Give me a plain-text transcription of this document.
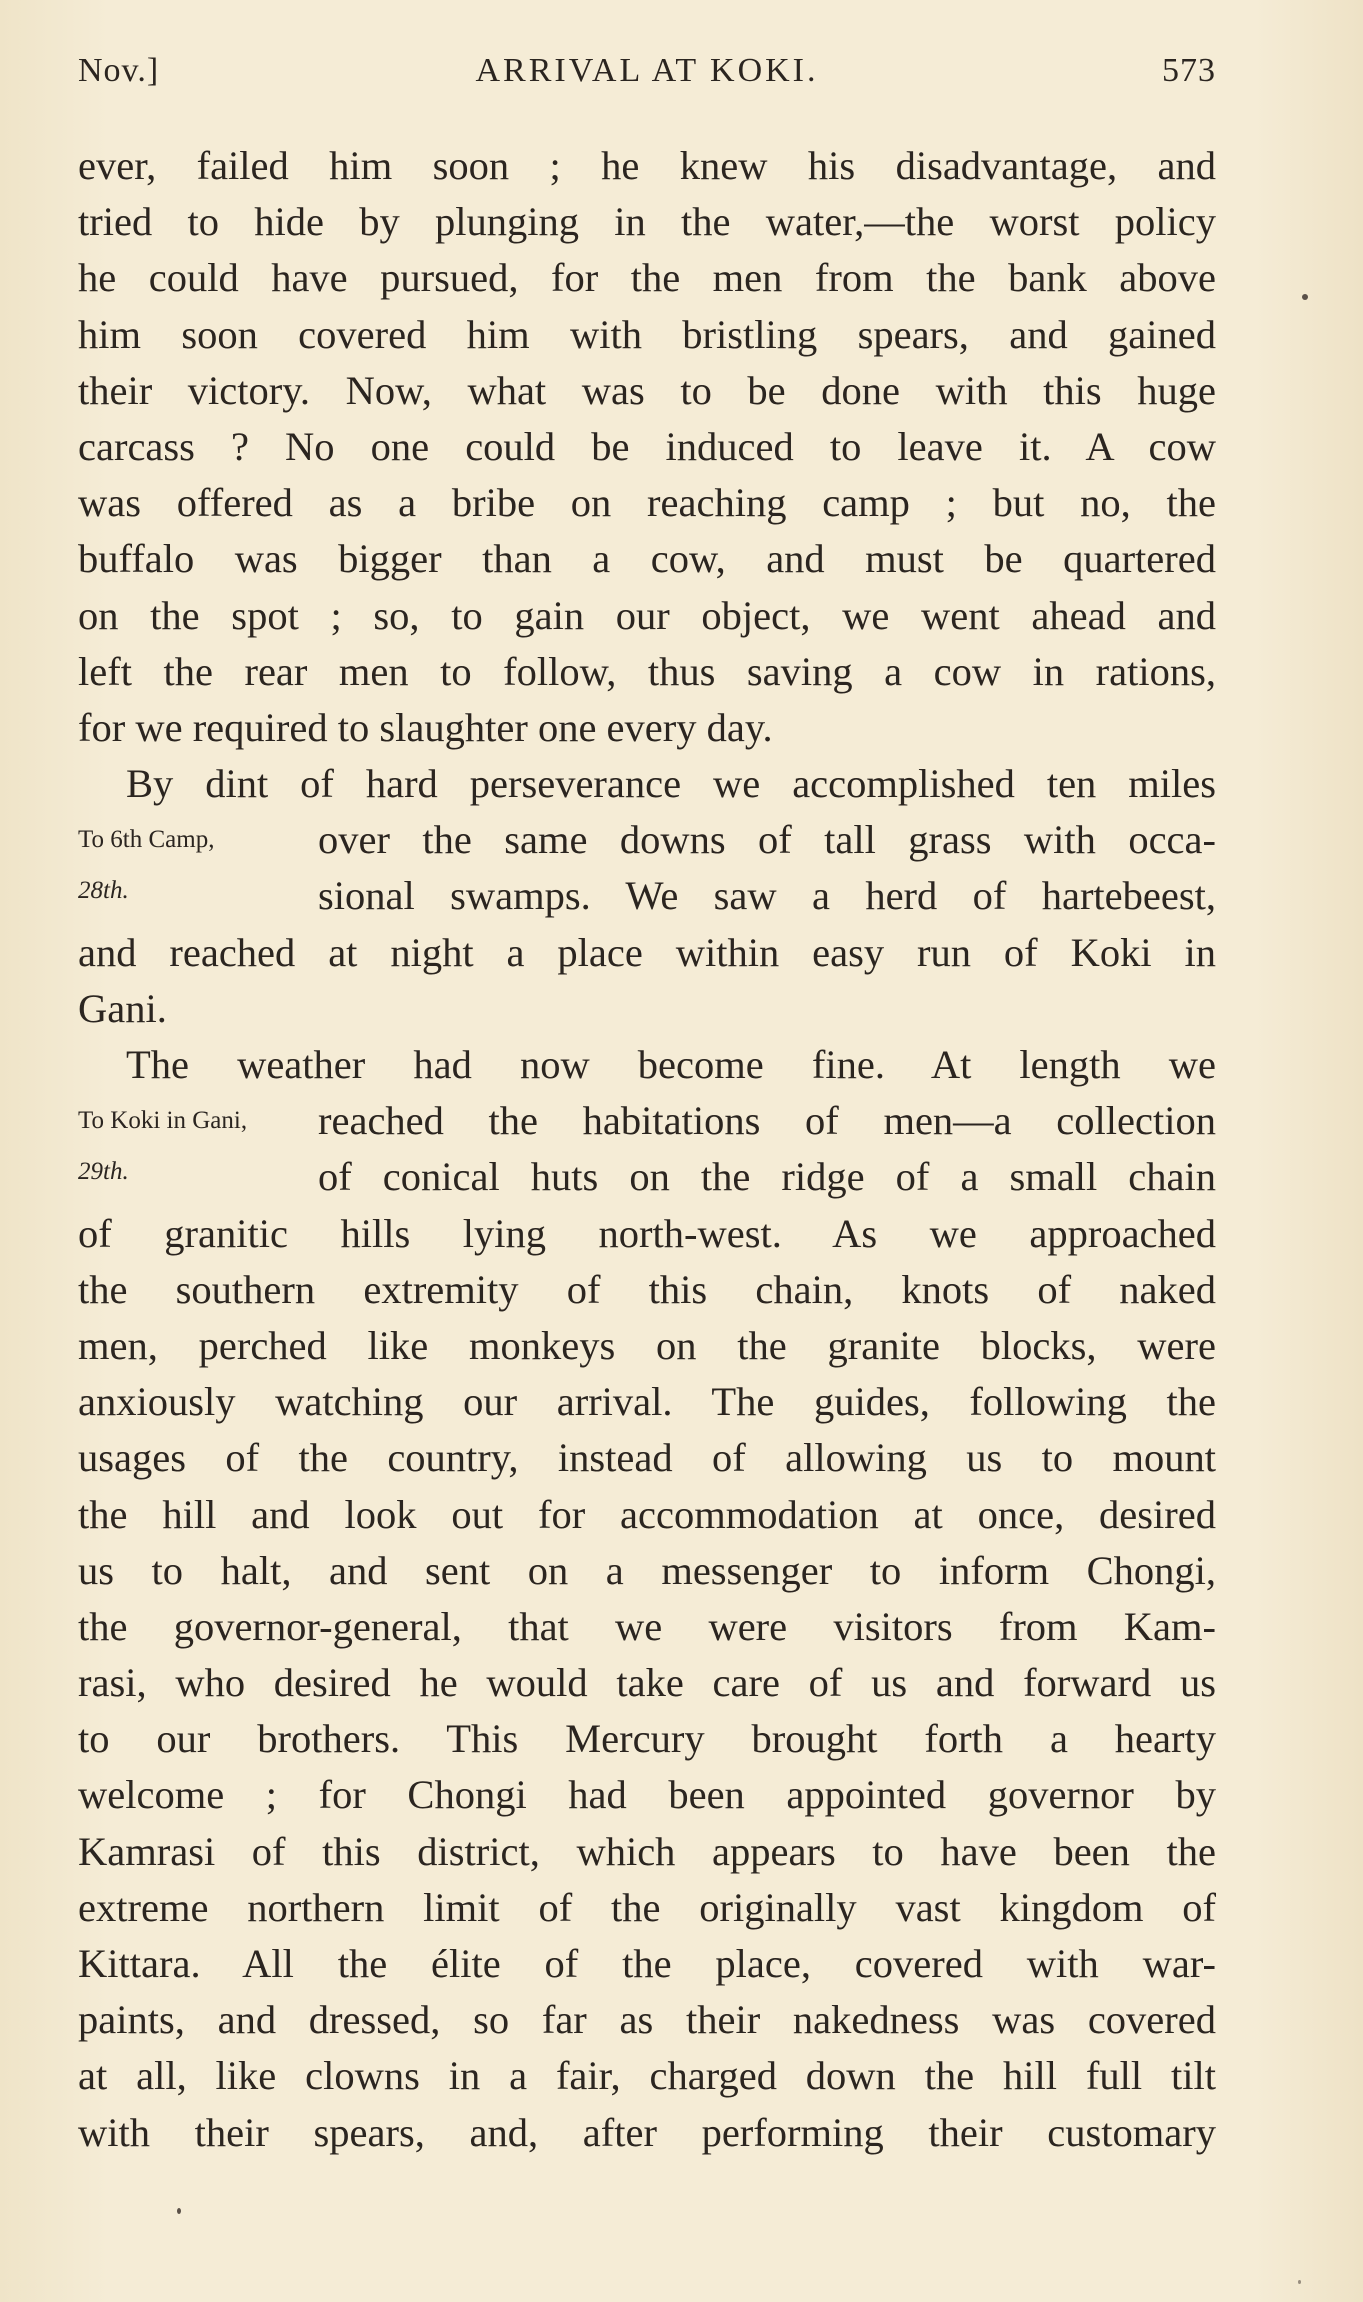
Nov.]	ARRIVAL AT KOKI.	573
ever, failed him soon ; he knew his disadvantage, and
tried to hide by plunging in the water,—the worst policy
he could have pursued, for the men from the bank above
him soon covered him with bristling spears, and gained
their victory. Now, what was to be done with this huge
carcass ? No one could be induced to leave it. A cow
was offered as a bribe on reaching camp ; but no, the
buffalo was bigger than a cow, and must be quartered
on the spot ; so, to gain our object, we went ahead and
left the rear men to follow, thus saving a cow in rations,
for we required to slaughter one every day.
By dint of hard perseverance we accomplished ten miles
To 6th Camp,	over the same downs of tall grass with occa-
28th.	sional swamps. We saw a herd of hartebeest,
and reached at night a place within easy run of Koki in
Gani.
The weather had now become fine. At length we
To Koki in Gani, reached the habitations of men—a collection
29th.	of conical huts on the ridge of a small chain
of granitic hills lying north-west. As we approached
the southern extremity of this chain, knots of naked
men, perched like monkeys on the granite blocks, were
anxiously watching our arrival. The guides, following the
usages of the country, instead of allowing us to mount
the hill and look out for accommodation at once, desired
us to halt, and sent on a messenger to inform Chongi,
the governor-general, that we were visitors from Kam-
rasi, who desired he would take care of us and forward us
to our brothers. This Mercury brought forth a hearty
welcome ; for Chongi had been appointed governor by
Kamrasi of this district, which appears to have been the
extreme northern limit of the originally vast kingdom of
Kittara. All the élite of the place, covered with war-
paints, and dressed, so far as their nakedness was covered
at all, like clowns in a fair, charged down the hill full tilt
with their spears, and, after performing their customary
